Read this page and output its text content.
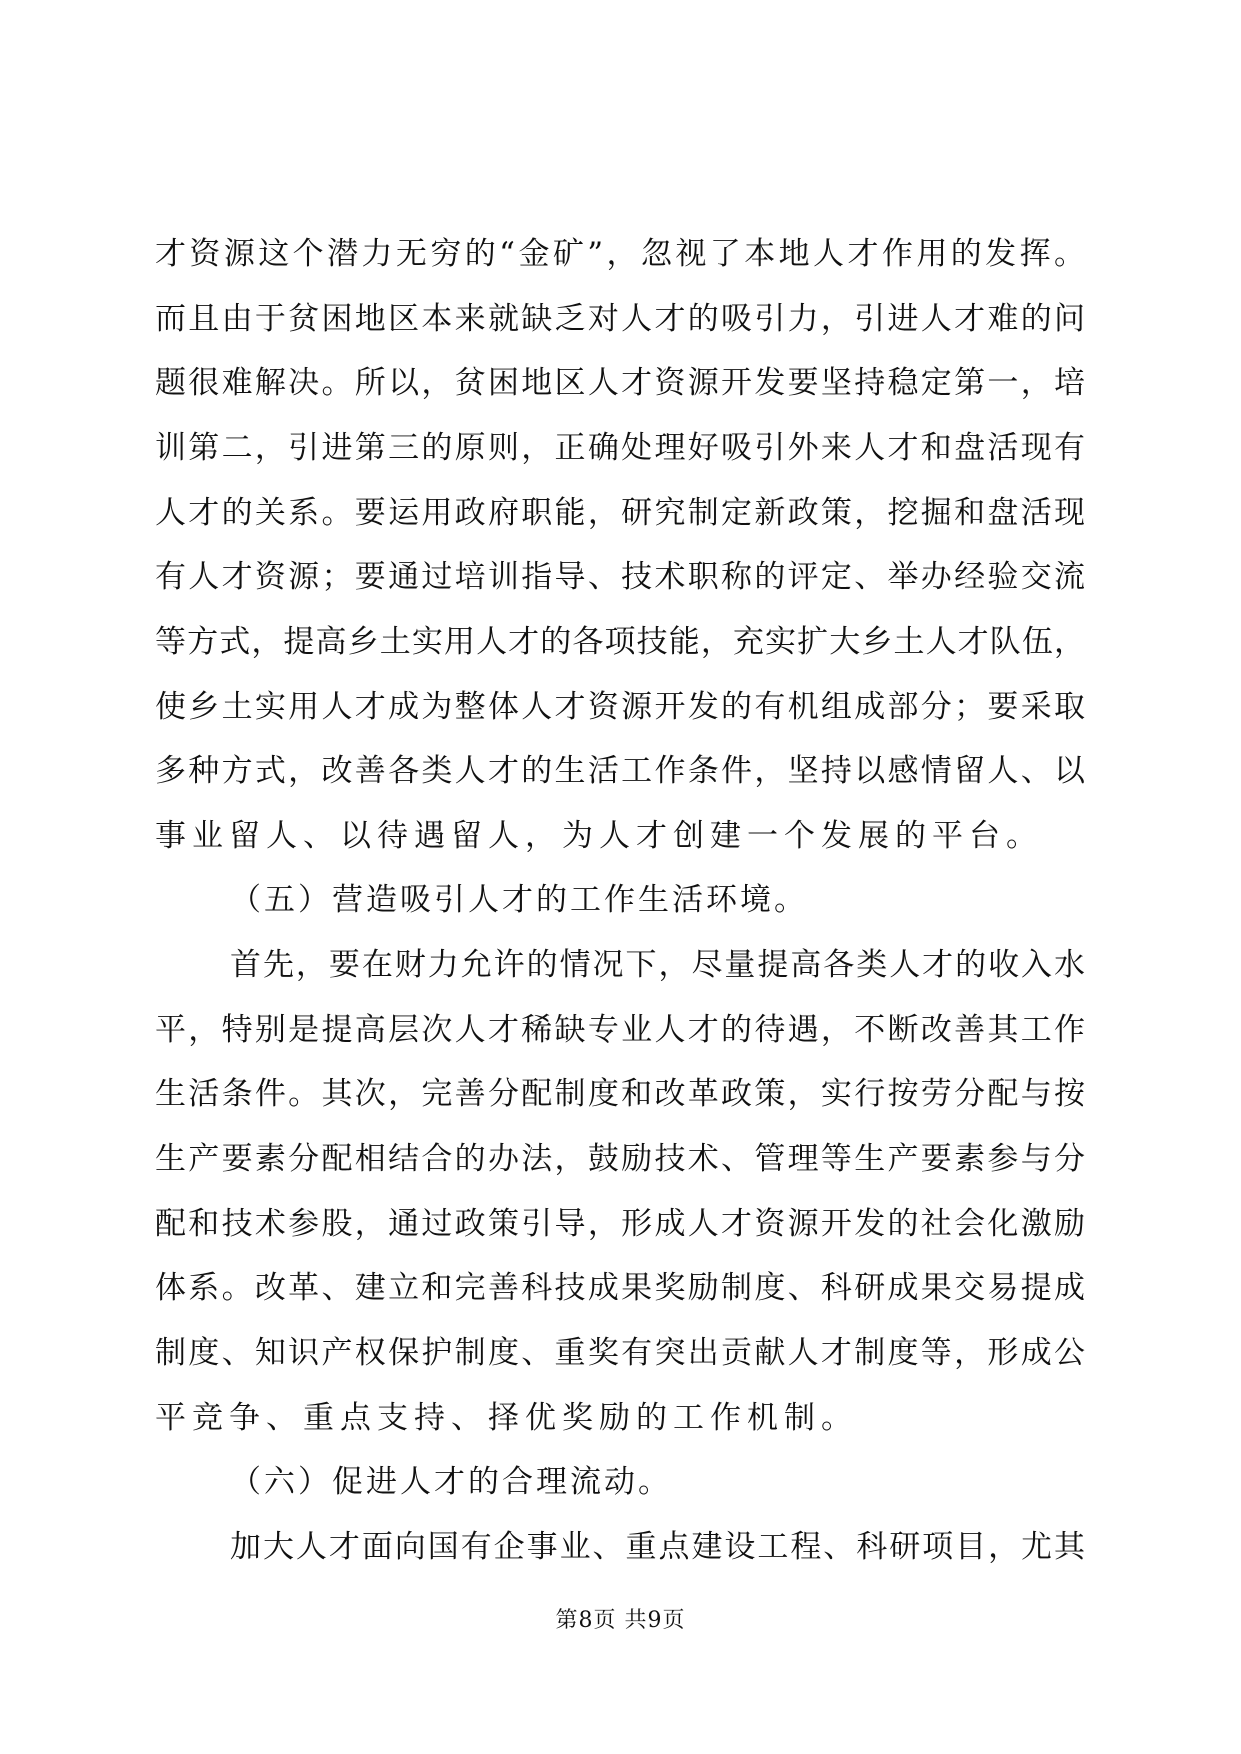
才资源这个潜力无穷的“金矿”，忽视了本地人才作用的发挥。
而且由于贫困地区本来就缺乏对人才的吸引力，引进人才难的问
题很难解决。所以，贫困地区人才资源开发要坚持稳定第一，培
训第二，引进第三的原则，正确处理好吸引外来人才和盘活现有
人才的关系。要运用政府职能，研究制定新政策，挖掘和盘活现
有人才资源；要通过培训指导、技术职称的评定、举办经验交流
等方式，提高乡土实用人才的各项技能，充实扩大乡土人才队伍，
使乡土实用人才成为整体人才资源开发的有机组成部分；要采取
多种方式，改善各类人才的生活工作条件，坚持以感情留人、以
事业留人、以待遇留人，为人才创建一个发展的平台。
（五）营造吸引人才的工作生活环境。
首先，要在财力允许的情况下，尽量提高各类人才的收入水
平，特别是提高层次人才稀缺专业人才的待遇，不断改善其工作
生活条件。其次，完善分配制度和改革政策，实行按劳分配与按
生产要素分配相结合的办法，鼓励技术、管理等生产要素参与分
配和技术参股，通过政策引导，形成人才资源开发的社会化激励
体系。改革、建立和完善科技成果奖励制度、科研成果交易提成
制度、知识产权保护制度、重奖有突出贡献人才制度等，形成公
平竞争、重点支持、择优奖励的工作机制。
（六）促进人才的合理流动。
加大人才面向国有企事业、重点建设工程、科研项目，尤其
第8页 共9页
